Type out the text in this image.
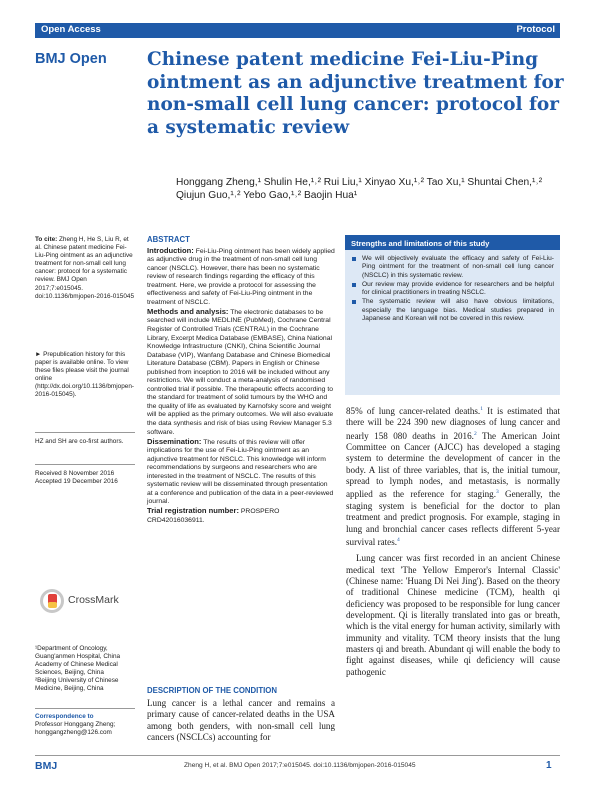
Open Access	Protocol
BMJ Open Chinese patent medicine Fei-Liu-Ping ointment as an adjunctive treatment for non-small cell lung cancer: protocol for a systematic review
Honggang Zheng,¹ Shulin He,¹˒² Rui Liu,¹ Xinyao Xu,¹˒² Tao Xu,¹ Shuntai Chen,¹˒²
Qiujun Guo,¹˒² Yebo Gao,¹˒² Baojin Hua¹
To cite: Zheng H, He S, Liu R, et al. Chinese patent medicine Fei-Liu-Ping ointment as an adjunctive treatment for non-small cell lung cancer: protocol for a systematic review. BMJ Open 2017;7:e015045. doi:10.1136/bmjopen-2016-015045
► Prepublication history for this paper is available online. To view these files please visit the journal online (http://dx.doi.org/10.1136/bmjopen-2016-015045).
HZ and SH are co-first authors.
Received 8 November 2016
Accepted 19 December 2016
CrossMark
¹Department of Oncology, Guang'anmen Hospital, China Academy of Chinese Medical Sciences, Beijing, China
²Beijing University of Chinese Medicine, Beijing, China
Correspondence to
Professor Honggang Zheng;
honggangzheng@126.com
ABSTRACT

Introduction: Fei-Liu-Ping ointment has been widely applied as adjunctive drug in the treatment of non-small cell lung cancer (NSCLC). However, there has been no systematic review of research findings regarding the efficacy of this treatment. Here, we provide a protocol for assessing the effectiveness and safety of Fei-Liu-Ping ointment in the treatment of NSCLC.

Methods and analysis: The electronic databases to be searched will include MEDLINE (PubMed), Cochrane Central Register of Controlled Trials (CENTRAL) in the Cochrane Library, Excerpt Medica Database (EMBASE), China National Knowledge Infrastructure (CNKI), China Scientific Journal Database (VIP), Wanfang Database and Chinese Biomedical Literature Database (CBM). Papers in English or Chinese published from inception to 2016 will be included without any restrictions. We will conduct a meta-analysis of randomised controlled trial if possible. The therapeutic effects according to the standard for treatment of solid tumours by the WHO and the quality of life as evaluated by Karnofsky score and weight will be applied as the primary outcomes. We will also evaluate the data synthesis and risk of bias using Review Manager 5.3 software.

Dissemination: The results of this review will offer implications for the use of Fei-Liu-Ping ointment as an adjunctive treatment for NSCLC. This knowledge will inform recommendations by surgeons and researchers who are interested in the treatment of NSCLC. The results of this systematic review will be disseminated through presentation at a conference and publication of the data in a peer-reviewed journal.

Trial registration number: PROSPERO CRD42016036911.

DESCRIPTION OF THE CONDITION
Lung cancer is a lethal cancer and remains a primary cause of cancer-related deaths in the USA among both genders, with non-small cell lung cancers (NSCLCs) accounting for
Strengths and limitations of this study
We will objectively evaluate the efficacy and safety of Fei-Liu-Ping ointment for the treatment of non-small cell lung cancer (NSCLC) in this systematic review.
Our review may provide evidence for researchers and be helpful for clinical practitioners in treating NSCLC.
The systematic review will also have obvious limitations, especially the language bias. Medical studies prepared in Japanese and Korean will not be covered in this review.

85% of lung cancer-related deaths.$^1$ It is estimated that there will be 224 390 new diagnoses of lung cancer and nearly 158 080 deaths in 2016.$^2$ The American Joint Committee on Cancer (AJCC) has developed a staging system to determine the development of cancer in the body. A list of three variables, that is, the initial tumour, spread to lymph nodes, and metastasis, is normally applied as the reference for staging.$^3$ Generally, the staging system is beneficial for the doctor to plan treatment and predict prognosis. For example, staging in lung and bronchial cancer cases reflects different 5-year survival rates.$^4$

Lung cancer was first recorded in an ancient Chinese medical text 'The Yellow Emperor's Internal Classic' (Chinese name: 'Huang Di Nei Jing'). Based on the theory of traditional Chinese medicine (TCM), health qi deficiency was proposed to be responsible for lung cancer development. Qi is literally translated into gas or breath, which is the vital energy for human activity, similarly with immunity and vitality. TCM theory insists that the lung masters qi and breath. Abundant qi will enable the body to fight against diseases, while qi deficiency will cause pathogenic

BMJ	Zheng H, et al. BMJ Open 2017;7:e015045. doi:10.1136/bmjopen-2016-015045	1
